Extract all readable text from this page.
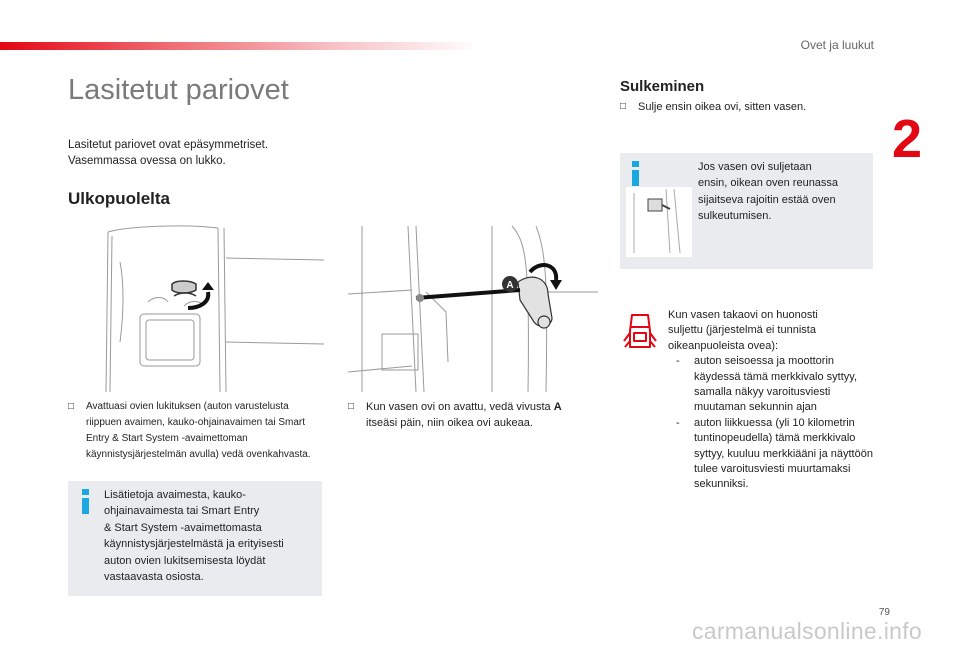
Ovet ja luukut
2
Lasitetut pariovet
Lasitetut pariovet ovat epäsymmetriset.
Vasemmassa ovessa on lukko.
Ulkopuolelta
A
□	Avattuasi ovien lukituksen (auton varustelusta riippuen avaimen, kauko-ohjainavaimen tai Smart Entry & Start System -avaimettoman käynnistysjärjestelmän avulla) vedä ovenkahvasta.
□	Kun vasen ovi on avattu, vedä vivusta A itseäsi päin, niin oikea ovi aukeaa.
Lisätietoja avaimesta, kauko-
ohjainavaimesta tai Smart Entry
& Start System -avaimettomasta
käynnistysjärjestelmästä ja erityisesti
auton ovien lukitsemisesta löydät
vastaavasta osiosta.
Sulkeminen
□	Sulje ensin oikea ovi, sitten vasen.
Jos vasen ovi suljetaan
ensin, oikean oven reunassa
sijaitseva rajoitin estää oven
sulkeutumisen.
Kun vasen takaovi on huonosti
suljettu (järjestelmä ei tunnista
oikeanpuoleista ovea):
- auton seisoessa ja moottorin käydessä tämä merkkivalo syttyy, samalla näkyy varoitusviesti muutaman sekunnin ajan
- auton liikkuessa (yli 10 kilometrin tuntinopeudella) tämä merkkivalo syttyy, kuuluu merkkiääni ja näyttöön tulee varoitusviesti muurtamaksi sekunniksi.
79
carmanualsonline.info
